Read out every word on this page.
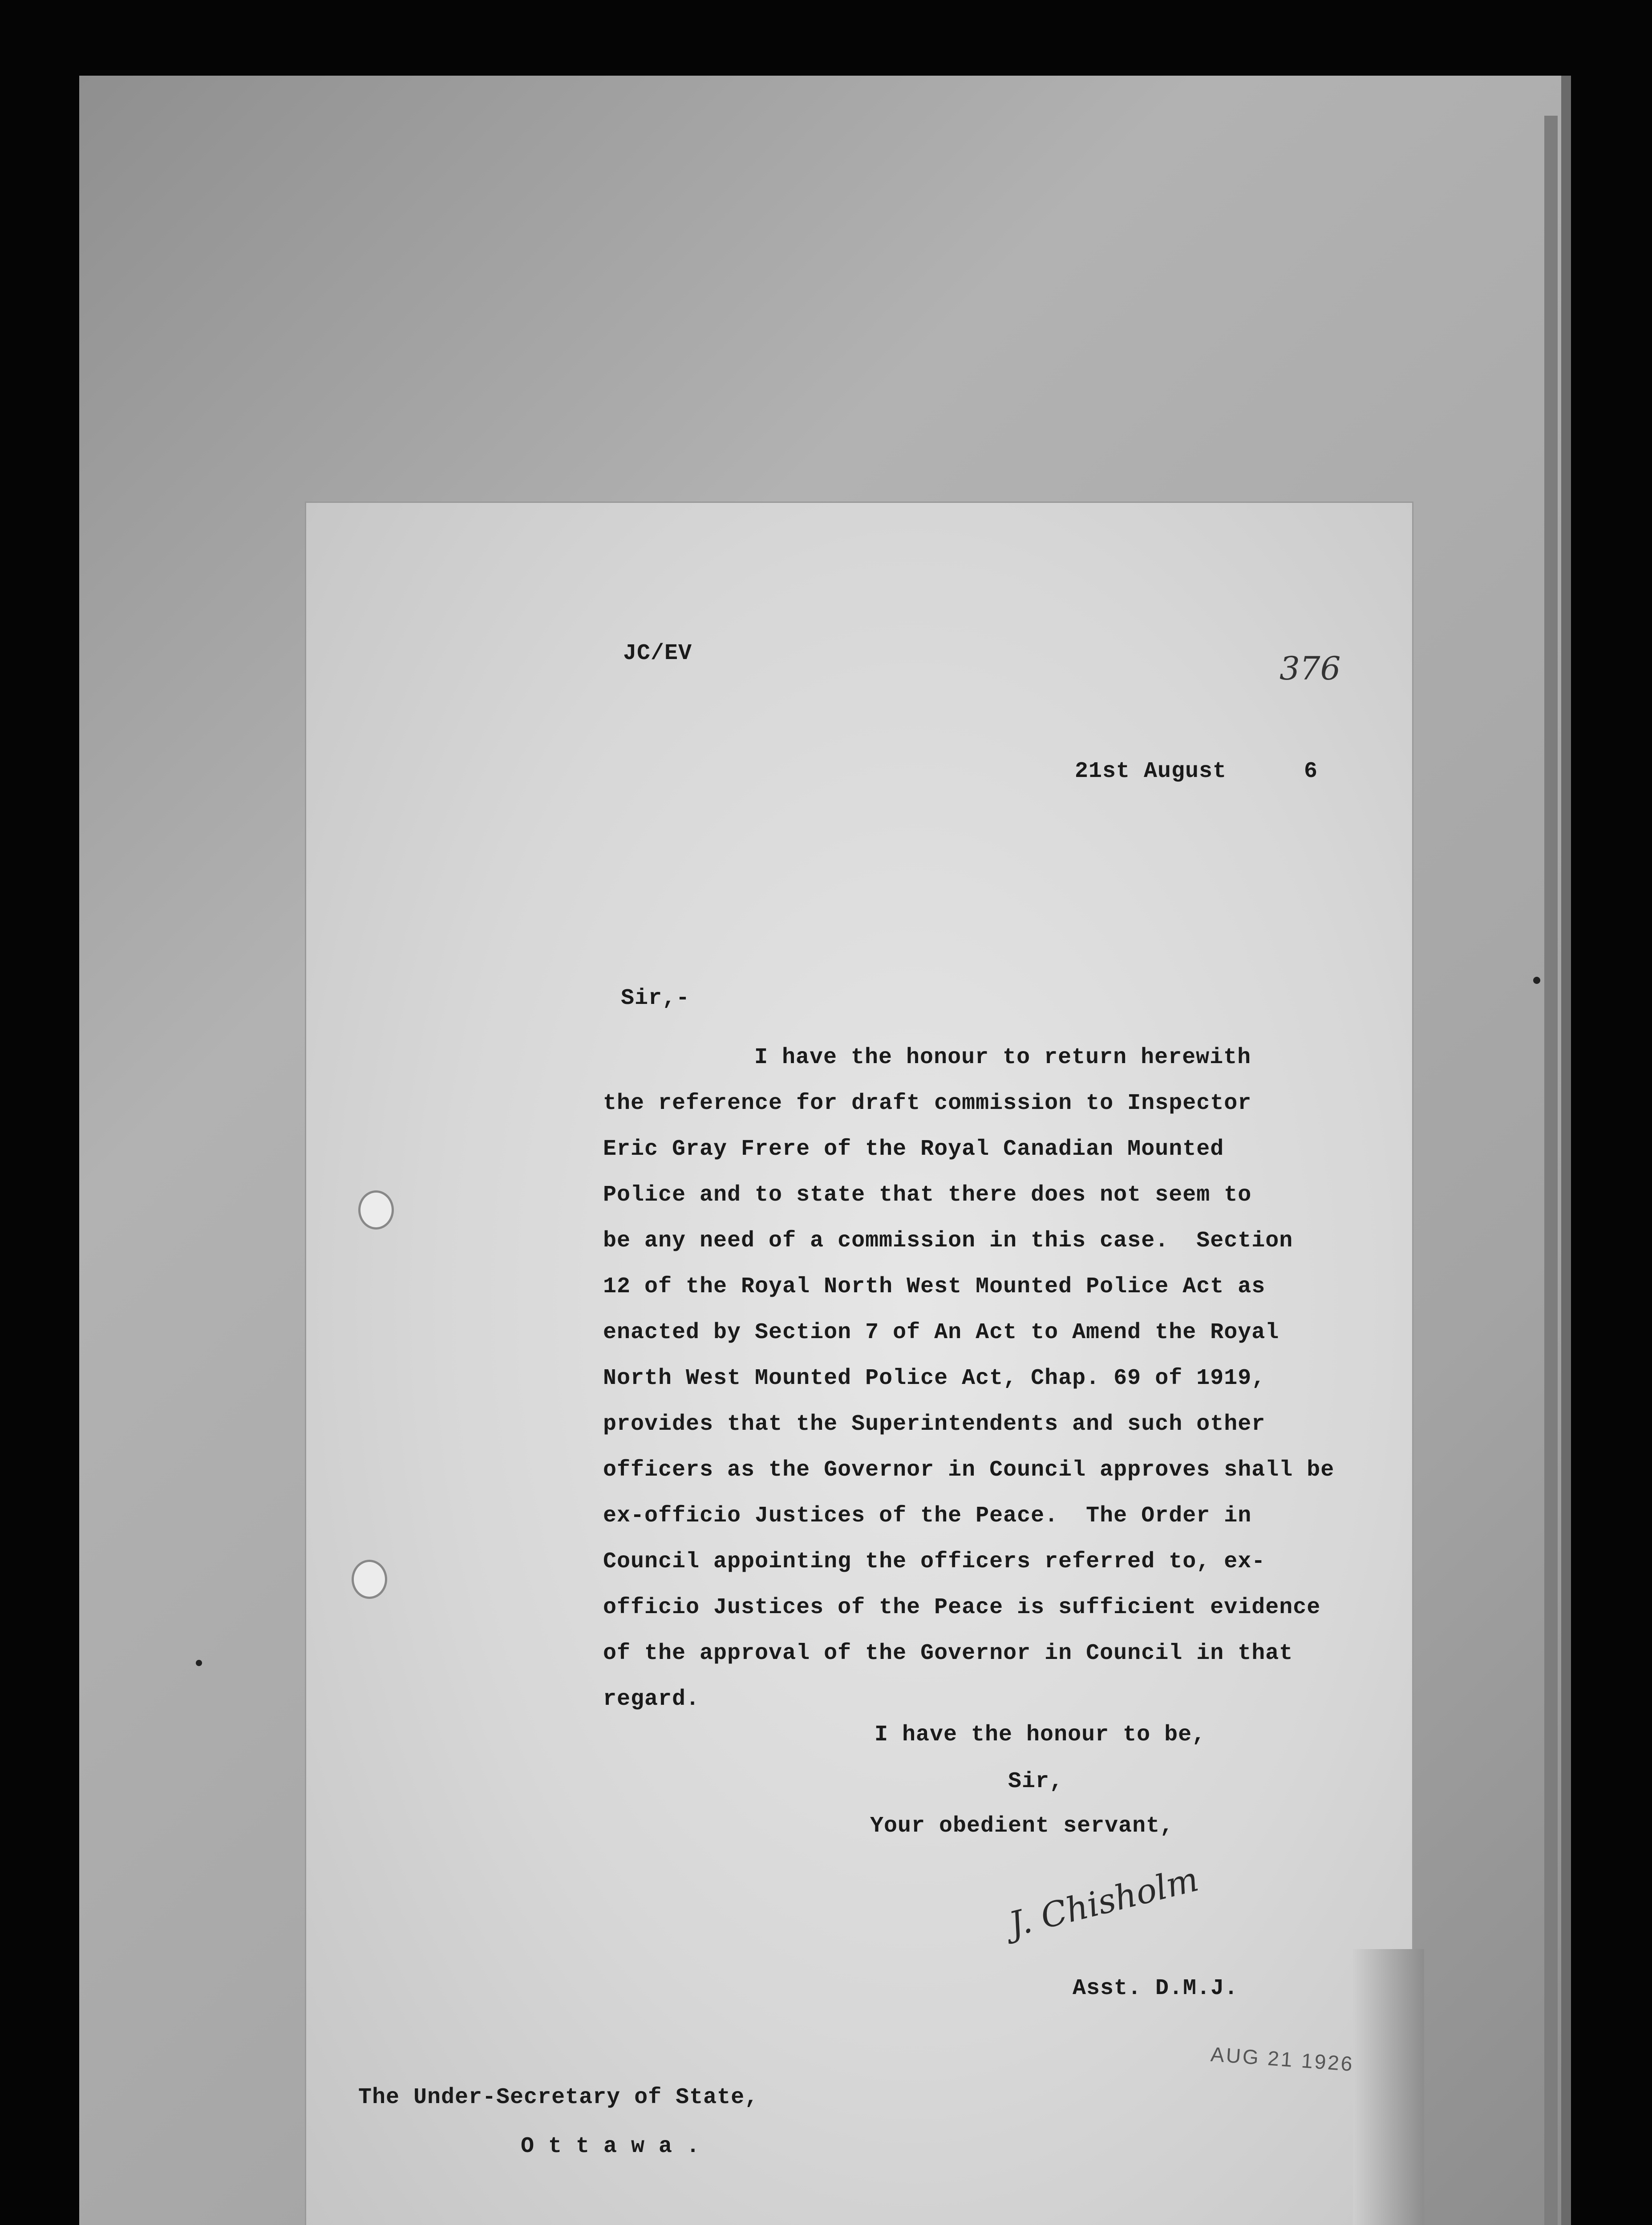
JC/EV	376
21st August	6
Sir,-
I have the honour to return herewith
the reference for draft commission to Inspector
Eric Gray Frere of the Royal Canadian Mounted
Police and to state that there does not seem to
be any need of a commission in this case.  Section
12 of the Royal North West Mounted Police Act as
enacted by Section 7 of An Act to Amend the Royal
North West Mounted Police Act, Chap. 69 of 1919,
provides that the Superintendents and such other
officers as the Governor in Council approves shall be
ex-officio Justices of the Peace.  The Order in
Council appointing the officers referred to, ex-
officio Justices of the Peace is sufficient evidence
of the approval of the Governor in Council in that
regard.
I have the honour to be,
Sir,
Your obedient servant,
J. Chisholm
Asst. D.M.J.
AUG 21 1926
The Under-Secretary of State,
O t t a w a .
